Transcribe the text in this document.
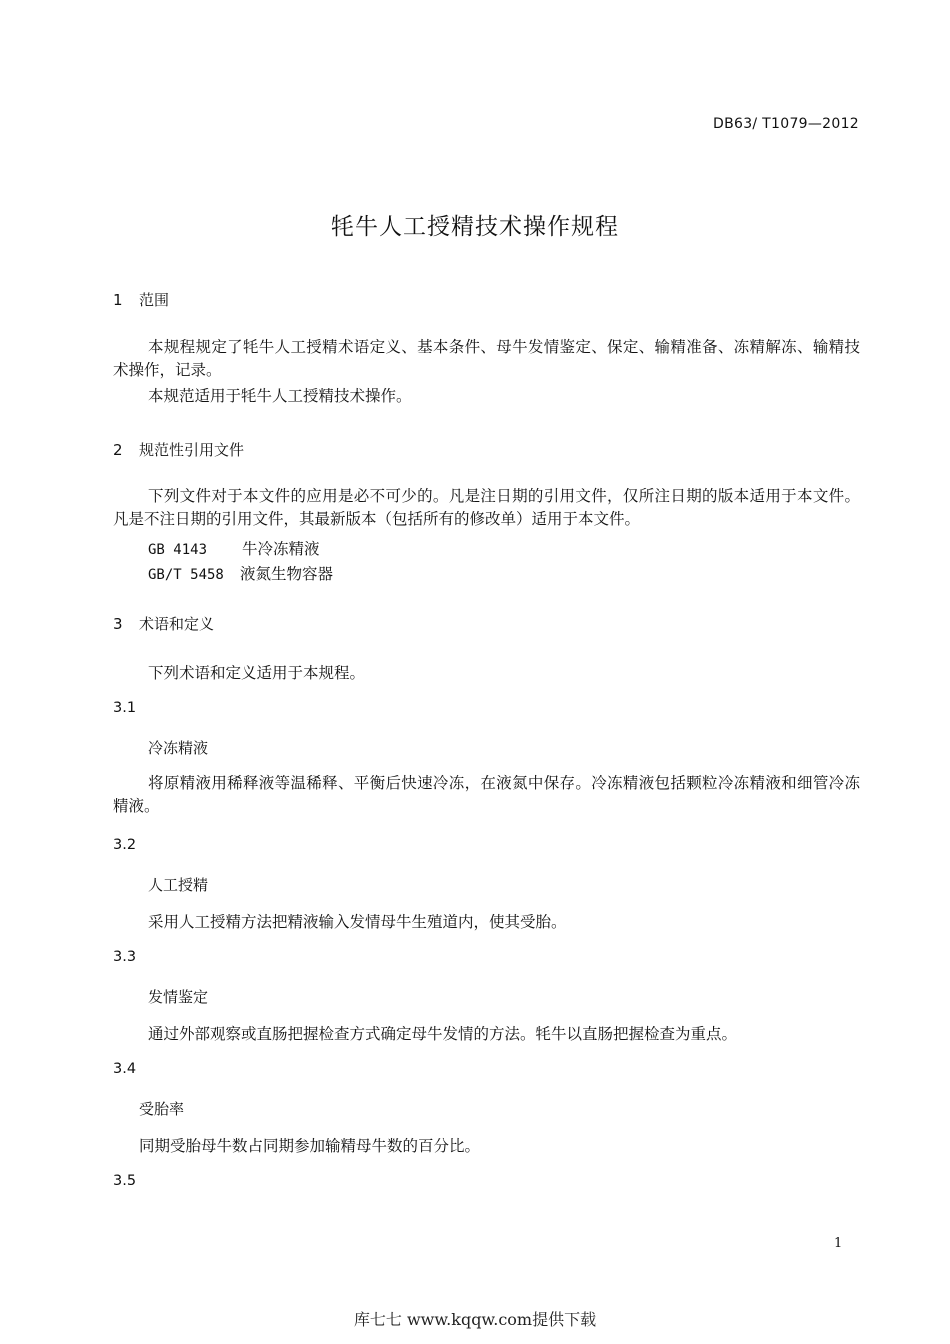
DB63/ T1079—2012
牦牛人工授精技术操作规程
1 范围

本规程规定了牦牛人工授精术语定义、基本条件、母牛发情鉴定、保定、输精准备、冻精解冻、输精技术操作，记录。

本规范适用于牦牛人工授精技术操作。

2 规范性引用文件

下列文件对于本文件的应用是必不可少的。凡是注日期的引用文件，仅所注日期的版本适用于本文件。凡是不注日期的引用文件，其最新版本（包括所有的修改单）适用于本文件。

GB 4143 牛冷冻精液
GB/T 5458 液氮生物容器
3 术语和定义
下列术语和定义适用于本规程。
3.1
冷冻精液

将原精液用稀释液等温稀释、平衡后快速冷冻，在液氮中保存。冷冻精液包括颗粒冷冻精液和细管冷冻精液。

3.2
人工授精
采用人工授精方法把精液输入发情母牛生殖道内，使其受胎。
3.3
发情鉴定
通过外部观察或直肠把握检查方式确定母牛发情的方法。牦牛以直肠把握检查为重点。
3.4
受胎率
同期受胎母牛数占同期参加输精母牛数的百分比。
3.5
1
库七七 www.kqqw.com提供下载
